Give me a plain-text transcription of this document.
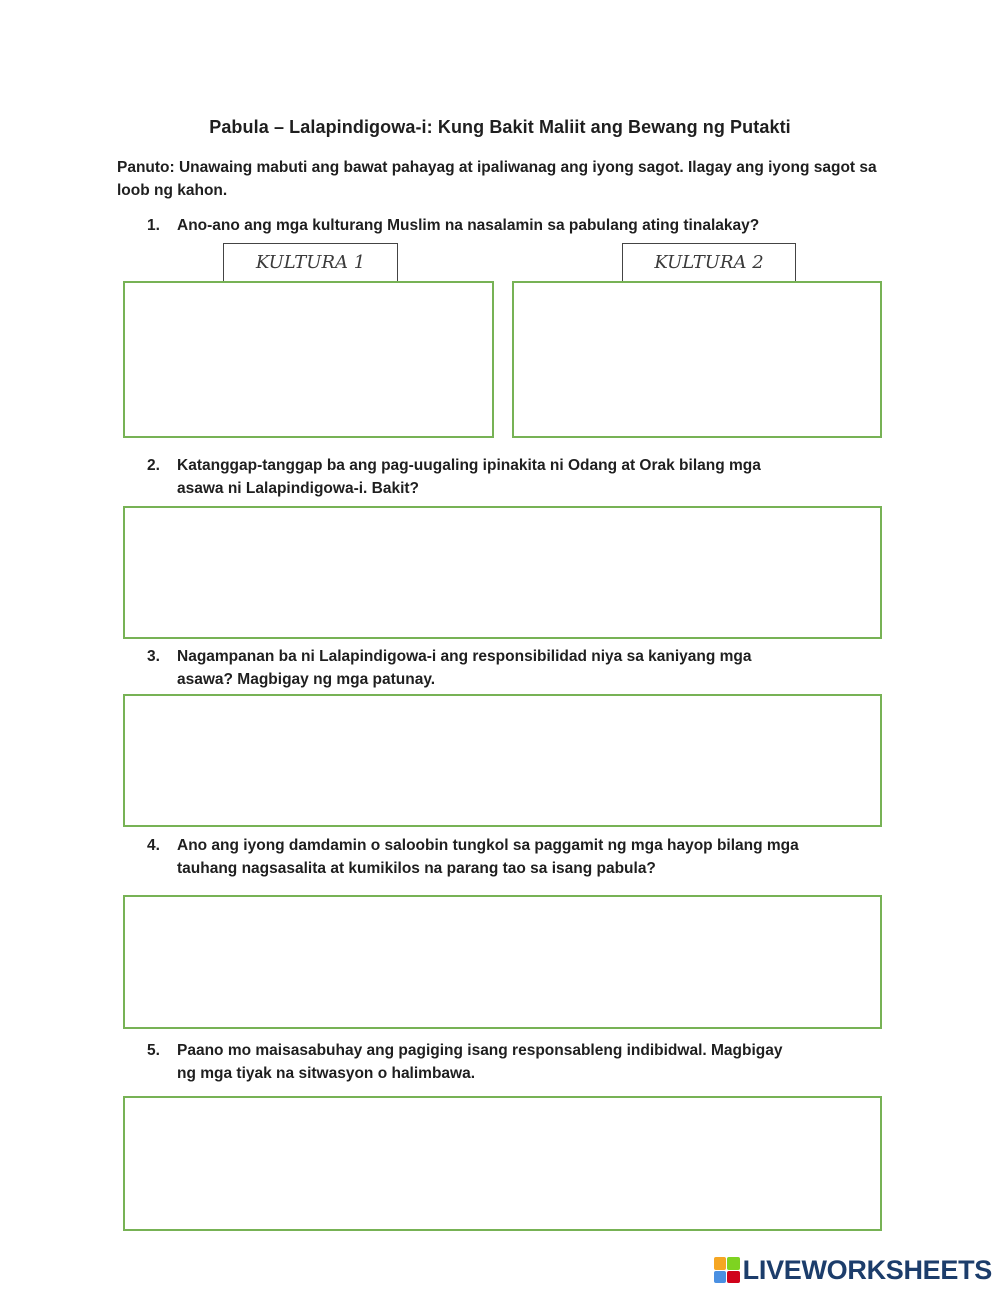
Pabula – Lalapindigowa-i: Kung Bakit Maliit ang Bewang ng Putakti
Panuto: Unawaing mabuti ang bawat pahayag at ipaliwanag ang iyong sagot. Ilagay ang iyong sagot sa loob ng kahon.
1. Ano-ano ang mga kulturang Muslim na nasalamin sa pabulang ating tinalakay?
KULTURA 1	KULTURA 2
2. Katanggap-tanggap ba ang pag-uugaling ipinakita ni Odang at Orak bilang mga
asawa ni Lalapindigowa-i. Bakit?
3. Nagampanan ba ni Lalapindigowa-i ang responsibilidad niya sa kaniyang mga
asawa? Magbigay ng mga patunay.
4. Ano ang iyong damdamin o saloobin tungkol sa paggamit ng mga hayop bilang mga
tauhang nagsasalita at kumikilos na parang tao sa isang pabula?
5. Paano mo maisasabuhay ang pagiging isang responsableng indibidwal. Magbigay
ng mga tiyak na sitwasyon o halimbawa.
LIVEWORKSHEETS
